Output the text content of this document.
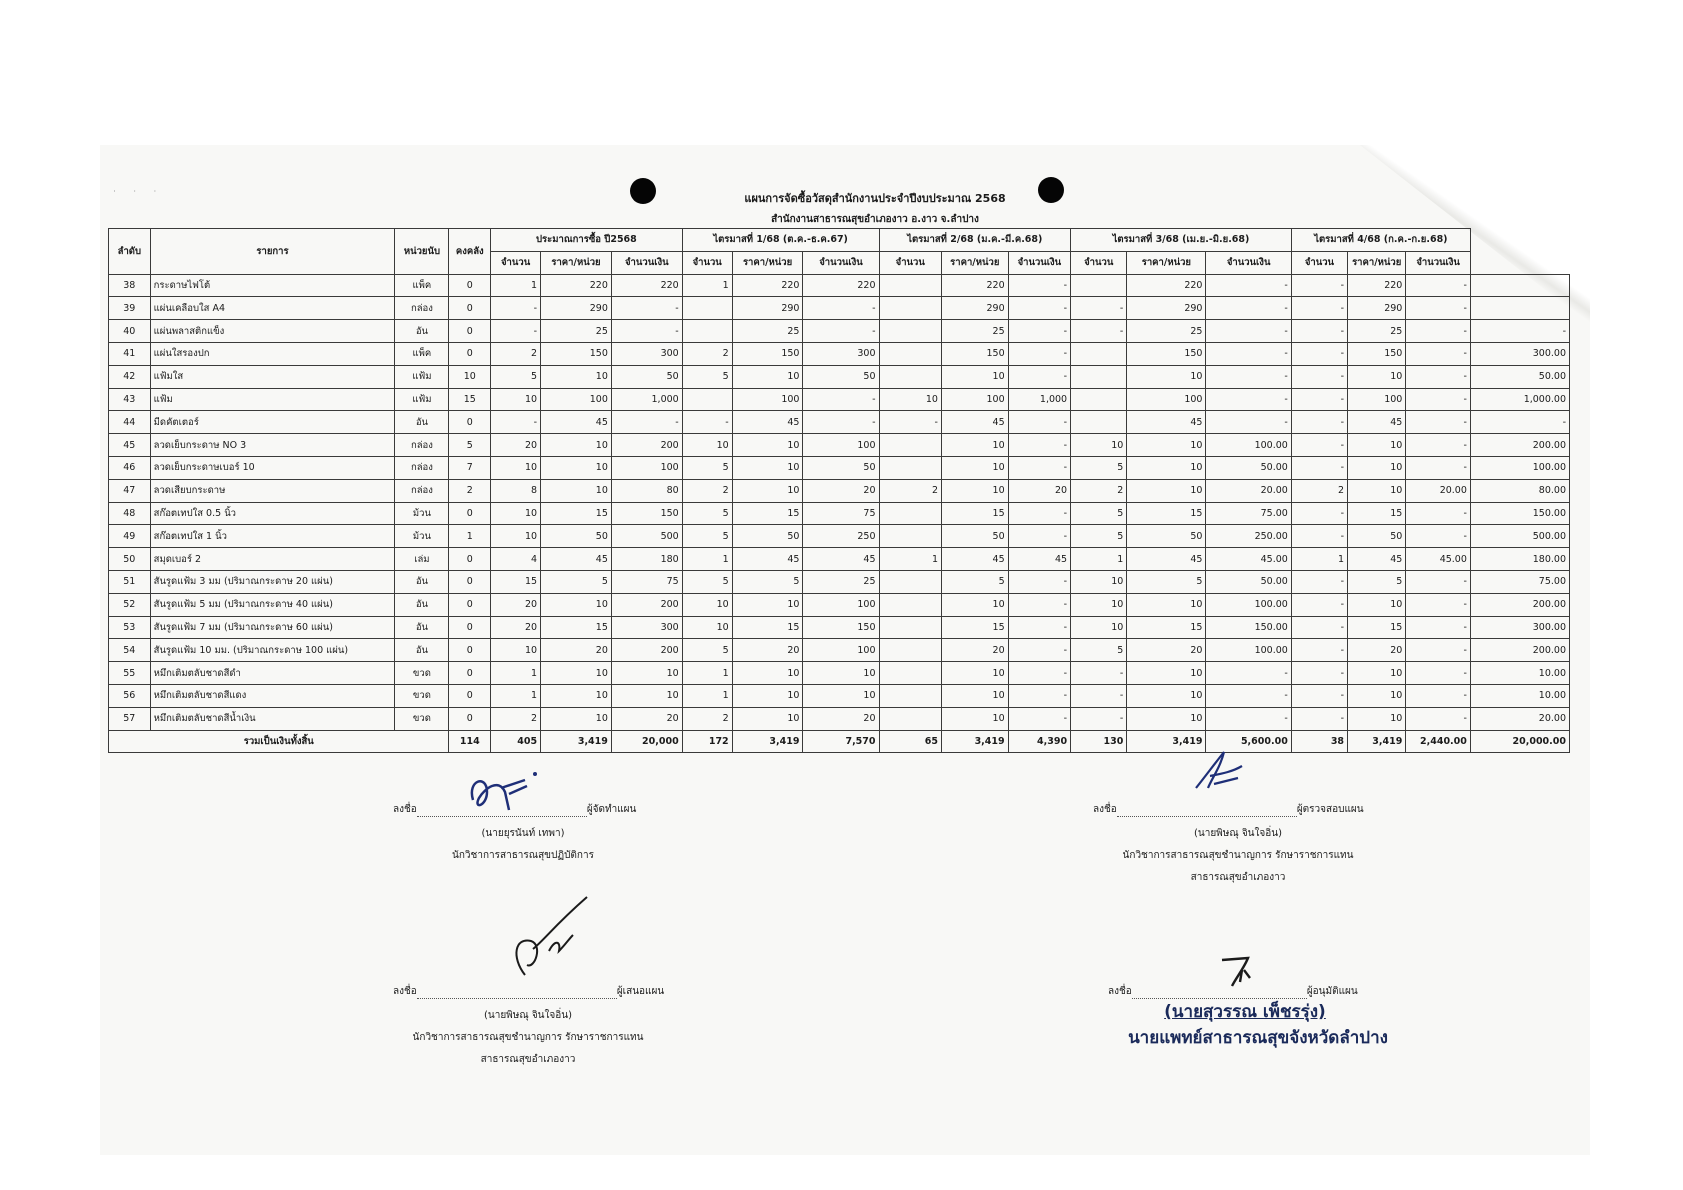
˙ ˙ ˙	แผนการจัดซื้อวัสดุสำนักงานประจำปีงบประมาณ 2568
สำนักงานสาธารณสุขอำเภองาว อ.งาว จ.ลำปาง
ลำดับ	รายการ	หน่วยนับ	คงคลัง	ประมาณการซื้อ ปี2568			ไตรมาสที่ 1/68 (ต.ค.-ธ.ค.67)			ไตรมาสที่ 2/68 (ม.ค.-มี.ค.68)			ไตรมาสที่ 3/68 (เม.ย.-มิ.ย.68)			ไตรมาสที่ 4/68 (ก.ค.-ก.ย.68)			
				จำนวน	ราคา/หน่วย	จำนวนเงิน	จำนวน	ราคา/หน่วย	จำนวนเงิน	จำนวน	ราคา/หน่วย	จำนวนเงิน	จำนวน	ราคา/หน่วย	จำนวนเงิน	จำนวน	ราคา/หน่วย	จำนวนเงิน	
38	กระดาษไฟโต้	แพ็ค	0	1	220	220	1	220	220		220	-		220	-	-	220	-	
39	แผ่นเคลือบใส A4	กล่อง	0	-	290	-		290	-		290	-	-	290	-	-	290	-	
40	แผ่นพลาสติกแข็ง	อัน	0	-	25	-		25	-		25	-	-	25	-	-	25	-	-
41	แผ่นใสรองปก	แพ็ค	0	2	150	300	2	150	300		150	-		150	-	-	150	-	300.00
42	แฟ้มใส	แฟ้ม	10	5	10	50	5	10	50		10	-		10	-	-	10	-	50.00
43	แฟ้ม	แฟ้ม	15	10	100	1,000		100	-	10	100	1,000		100	-	-	100	-	1,000.00
44	มีดคัตเตอร์	อัน	0	-	45	-	-	45	-	-	45	-		45	-	-	45	-	-
45	ลวดเย็บกระดาษ NO 3	กล่อง	5	20	10	200	10	10	100		10	-	10	10	100.00	-	10	-	200.00
46	ลวดเย็บกระดาษเบอร์ 10	กล่อง	7	10	10	100	5	10	50		10	-	5	10	50.00	-	10	-	100.00
47	ลวดเสียบกระดาษ	กล่อง	2	8	10	80	2	10	20	2	10	20	2	10	20.00	2	10	20.00	80.00
48	สก๊อตเทปใส 0.5 นิ้ว	ม้วน	0	10	15	150	5	15	75		15	-	5	15	75.00	-	15	-	150.00
49	สก๊อตเทปใส 1 นิ้ว	ม้วน	1	10	50	500	5	50	250		50	-	5	50	250.00	-	50	-	500.00
50	สมุดเบอร์ 2	เล่ม	0	4	45	180	1	45	45	1	45	45	1	45	45.00	1	45	45.00	180.00
51	สันรูดแฟ้ม 3 มม (ปริมาณกระดาษ 20 แผ่น)	อัน	0	15	5	75	5	5	25		5	-	10	5	50.00	-	5	-	75.00
52	สันรูดแฟ้ม 5 มม (ปริมาณกระดาษ 40 แผ่น)	อัน	0	20	10	200	10	10	100		10	-	10	10	100.00	-	10	-	200.00
53	สันรูดแฟ้ม 7 มม (ปริมาณกระดาษ 60 แผ่น)	อัน	0	20	15	300	10	15	150		15	-	10	15	150.00	-	15	-	300.00
54	สันรูดแฟ้ม 10 มม. (ปริมาณกระดาษ 100 แผ่น)	อัน	0	10	20	200	5	20	100		20	-	5	20	100.00	-	20	-	200.00
55	หมึกเติมตลับชาดสีดำ	ขวด	0	1	10	10	1	10	10		10	-	-	10	-	-	10	-	10.00
56	หมึกเติมตลับชาดสีแดง	ขวด	0	1	10	10	1	10	10		10	-	-	10	-	-	10	-	10.00
57	หมึกเติมตลับชาดสีน้ำเงิน	ขวด	0	2	10	20	2	10	20		10	-	-	10	-	-	10	-	20.00
รวมเป็นเงินทั้งสิ้น			114	405	3,419	20,000	172	3,419	7,570	65	3,419	4,390	130	3,419	5,600.00	38	3,419	2,440.00	20,000.00
ลงชื่อ	ผู้จัดทำแผน
(นายยุรนันท์ เทพา)
นักวิชาการสาธารณสุขปฏิบัติการ
ลงชื่อ	ผู้ตรวจสอบแผน
(นายพิษณุ จินใจอิ่น)
นักวิชาการสาธารณสุขชำนาญการ รักษาราชการแทน
สาธารณสุขอำเภองาว
ลงชื่อ	ผู้เสนอแผน
(นายพิษณุ จินใจอิ่น)
นักวิชาการสาธารณสุขชำนาญการ รักษาราชการแทน
สาธารณสุขอำเภองาว
ลงชื่อ	ผู้อนุมัติแผน
(นายสุวรรณ เพ็ชรรุ่ง)
นายแพทย์สาธารณสุขจังหวัดลำปาง
